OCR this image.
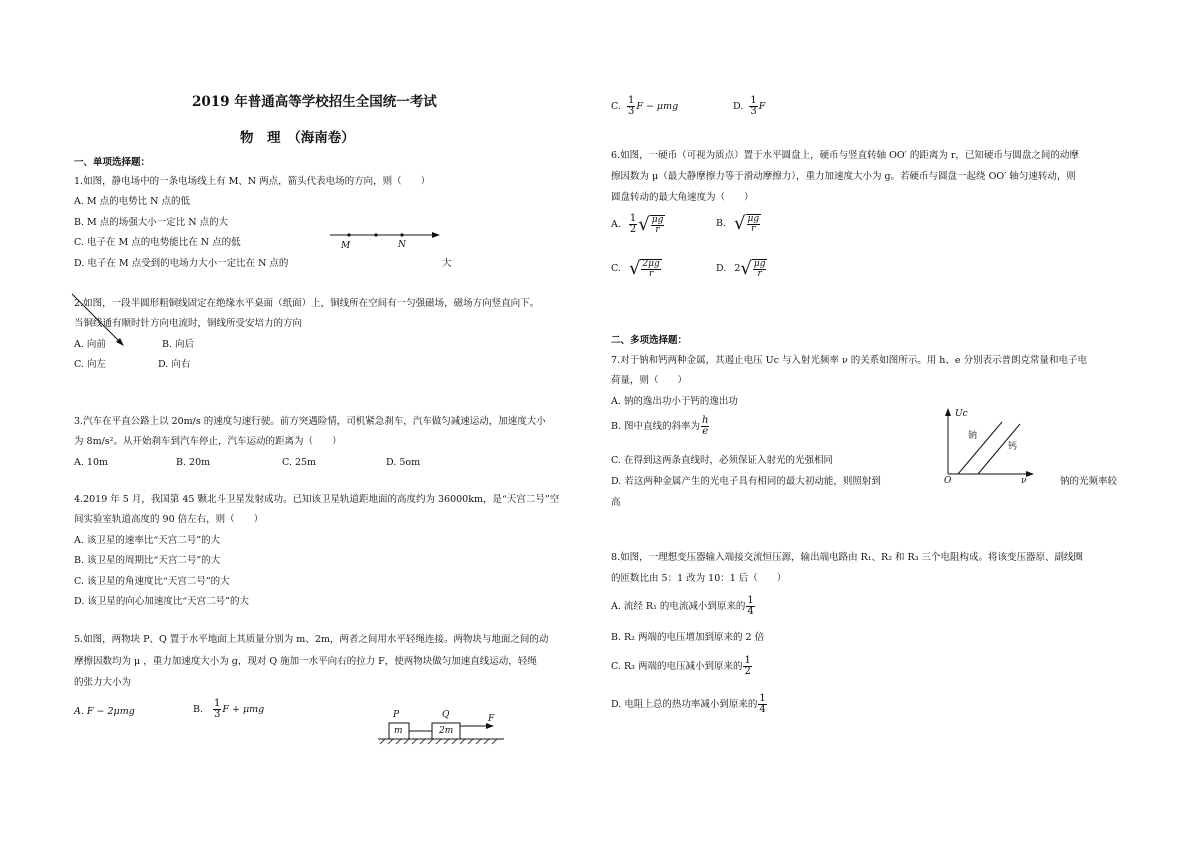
2019 年普通高等学校招生全国统一考试
物　理　（海南卷）
一、单项选择题：
1.如图，静电场中的一条电场线上有 M、N 两点，箭头代表电场的方向，则（　　）
A. M 点的电势比 N 点的低
B. M 点的场强大小一定比 N 点的大
C. 电子在 M 点的电势能比在 N 点的低
D. 电子在 M 点受到的电场力大小一定比在 N 点的	大
M	N
2.如图，一段半圆形粗铜线固定在绝缘水平桌面（纸面）上，铜线所在空间有一匀强磁场，磁场方向竖直向下。
当铜线通有顺时针方向电流时，铜线所受安培力的方向
A. 向前	B. 向后
C. 向左	D. 向右
3.汽车在平直公路上以 20m/s 的速度匀速行驶。前方突遇险情，司机紧急刹车，汽车做匀减速运动，加速度大小
为 8m/s²。从开始刹车到汽车停止，汽车运动的距离为（　　）
A. 10m	B. 20m	C. 25m	D. 5om
4.2019 年 5 月，我国第 45 颗北斗卫星发射成功。已知该卫星轨道距地面的高度约为 36000km，是“天宫二号”空
间实验室轨道高度的 90 倍左右，则（　　）
A. 该卫星的速率比“天宫二号”的大
B. 该卫星的周期比“天宫二号”的大
C. 该卫星的角速度比“天宫二号”的大
D. 该卫星的向心加速度比“天宫二号”的大
5.如图，两物块 P、Q 置于水平地面上其质量分别为 m、2m，两者之间用水平轻绳连接。两物块与地面之间的动
摩擦因数均为 μ ，重力加速度大小为 g，现对 Q 施加一水平向右的拉力 F，使两物块做匀加速直线运动，轻绳
的张力大小为
A. F − 2μmg	B. $\frac{1}{3}$ F + μmg
P	Q
m	2m
F
C. $\frac{1}{3}$ F − μmg	D. $\frac{1}{3}$ F
6.如图，一硬币（可视为质点）置于水平圆盘上，硬币与竖直转轴 OO′ 的距离为 r，已知硬币与圆盘之间的动摩
擦因数为 μ（最大静摩擦力等于滑动摩擦力），重力加速度大小为 g。若硬币与圆盘一起绕 OO′ 轴匀速转动，则
圆盘转动的最大角速度为（　　）
A. $\frac{1}{2}$ √ $\frac{\mu g}{r}$	B. √ $\frac{\mu g}{r}$
C. √ $\frac{2\mu g}{r}$	D. 2 √ $\frac{\mu g}{r}$
二、多项选择题：
7.对于钠和钙两种金属，其遏止电压 Uc 与入射光频率 ν 的关系如图所示。用 h、e 分别表示普朗克常量和电子电
荷量，则（　　）
A. 钠的逸出功小于钙的逸出功
B. 图中直线的斜率为 $\frac{h}{e}$
C. 在得到这两条直线时，必须保证入射光的光强相同
D. 若这两种金属产生的光电子具有相同的最大初动能，则照射到	钠的光频率较
高
Uc
钠
钙
O	ν
8.如图，一理想变压器输入端接交流恒压源，输出端电路由 R₁、R₂ 和 R₃ 三个电阻构成。将该变压器原、副线圈
的匝数比由 5：1 改为 10：1 后（　　）
A. 流经 R₁ 的电流减小到原来的 $\frac{1}{4}$
B. R₂ 两端的电压增加到原来的 2 倍
C. R₃ 两端的电压减小到原来的 $\frac{1}{2}$
D. 电阻上总的热功率减小到原来的 $\frac{1}{4}$
